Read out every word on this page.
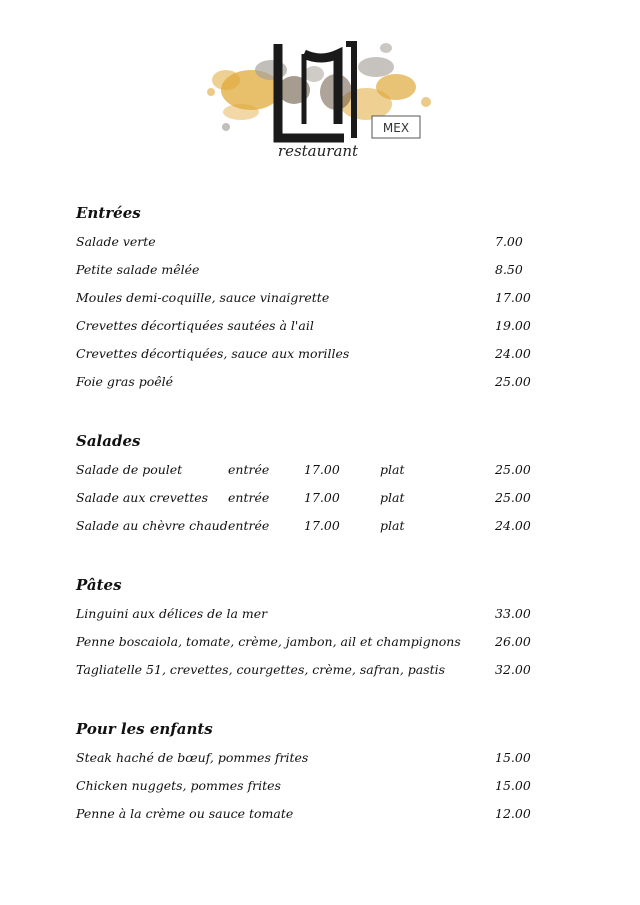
MEX
restaurant
Entrées
Salade verte	7.00
Petite salade mêlée	8.50
Moules demi-coquille, sauce vinaigrette	17.00
Crevettes décortiquées sautées à l'ail	19.00
Crevettes décortiquées, sauce aux morilles	24.00
Foie gras poêlé	25.00
Salades
Salade de poulet	entrée	17.00	plat	25.00
Salade aux crevettes entrée	17.00	plat	25.00
Salade au chèvre chaud entrée	17.00	plat	24.00
Pâtes
Linguini aux délices de la mer	33.00
Penne boscaiola, tomate, crème, jambon, ail et champignons	26.00
Tagliatelle 51, crevettes, courgettes, crème, safran, pastis	32.00
Pour les enfants
Steak haché de bœuf, pommes frites	15.00
Chicken nuggets, pommes frites	15.00
Penne à la crème ou sauce tomate	12.00
